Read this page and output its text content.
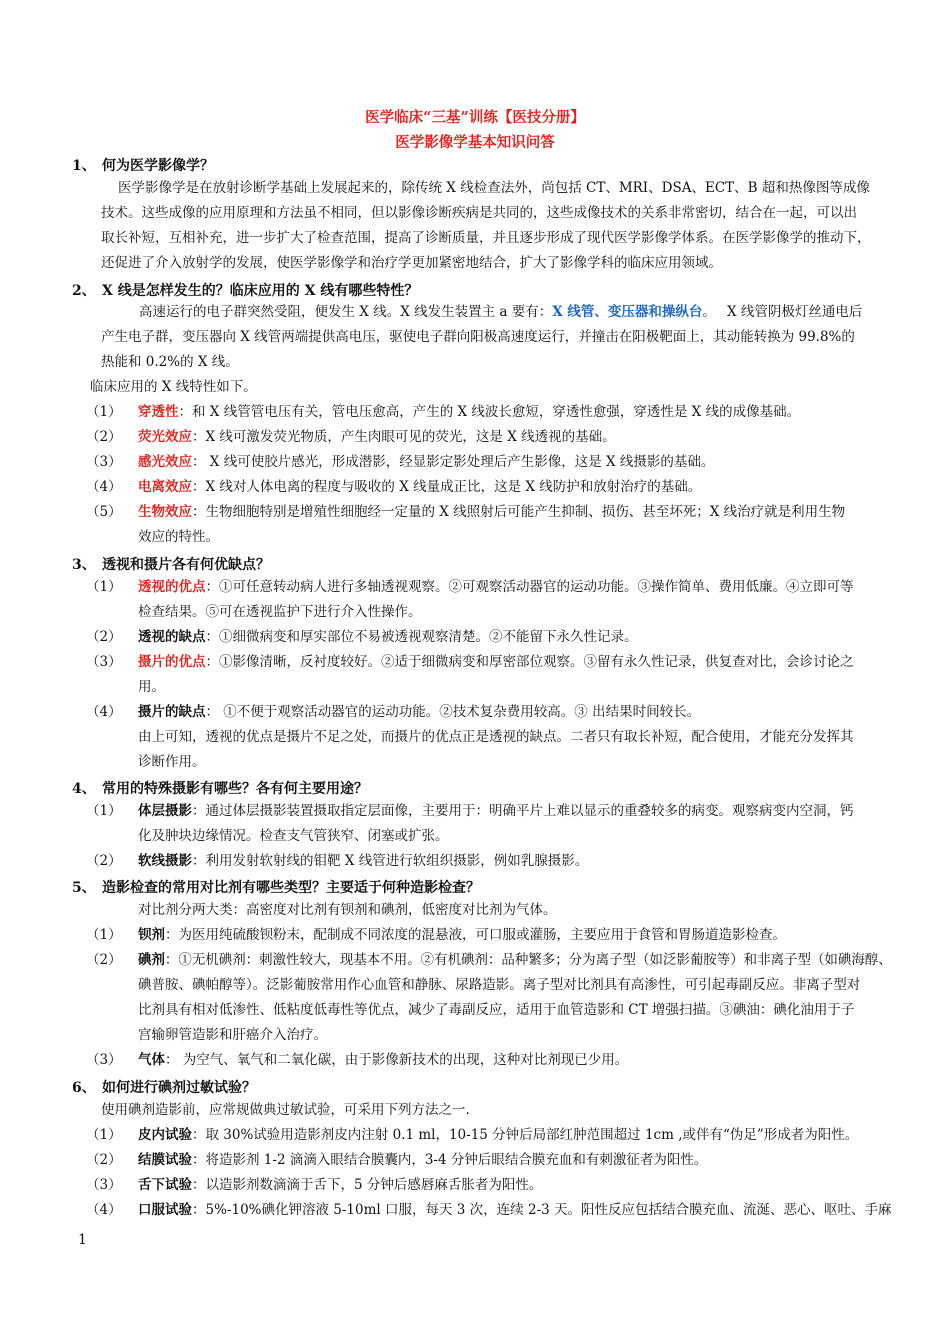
医学临床“三基”训练【医技分册】
医学影像学基本知识问答
1、 何为医学影像学？
医学影像学是在放射诊断学基础上发展起来的，除传统 X 线检查法外，尚包括 CT、MRI、DSA、ECT、B 超和热像图等成像
技术。这些成像的应用原理和方法虽不相同，但以影像诊断疾病是共同的，这些成像技术的关系非常密切，结合在一起，可以出
取长补短，互相补充，进一步扩大了检查范围，提高了诊断质量，并且逐步形成了现代医学影像学体系。在医学影像学的推动下，
还促进了介入放射学的发展，使医学影像学和治疗学更加紧密地结合，扩大了影像学科的临床应用领域。
2、 X 线是怎样发生的？临床应用的 X 线有哪些特性？
高速运行的电子群突然受阻，便发生 X 线。X 线发生装置主 a 要有：X 线管、变压器和操纵台。　 X 线管阴极灯丝通电后
产生电子群，变压器向 X 线管两端提供高电压，驱使电子群向阳极高速度运行，并撞击在阳极靶面上，其动能转换为 99.8%的
热能和 0.2%的 X 线。
临床应用的 X 线特性如下。
（1） 穿透性：和 X 线管管电压有关，管电压愈高，产生的 X 线波长愈短，穿透性愈强，穿透性是 X 线的成像基础。
（2） 荧光效应：X 线可激发荧光物质，产生肉眼可见的荧光，这是 X 线透视的基础。
（3） 感光效应： X 线可使胶片感光，形成潜影，经显影定影处理后产生影像，这是 X 线摄影的基础。
（4） 电离效应：X 线对人体电离的程度与吸收的 X 线量成正比，这是 X 线防护和放射治疗的基础。
（5） 生物效应：生物细胞特别是增殖性细胞经一定量的 X 线照射后可能产生抑制、损伤、甚至坏死；X 线治疗就是利用生物
效应的特性。
3、 透视和摄片各有何优缺点？
（1） 透视的优点：①可任意转动病人进行多轴透视观察。②可观察活动器官的运动功能。③操作简单、费用低廉。④立即可等
检查结果。⑤可在透视监护下进行介入性操作。
（2） 透视的缺点：①细微病变和厚实部位不易被透视观察清楚。②不能留下永久性记录。
（3） 摄片的优点：①影像清晰，反衬度较好。②适于细微病变和厚密部位观察。③留有永久性记录，供复查对比，会诊讨论之
用。
（4） 摄片的缺点： ①不便于观察活动器官的运动功能。②技术复杂费用较高。③ 出结果时间较长。
由上可知，透视的优点是摄片不足之处，而摄片的优点正是透视的缺点。二者只有取长补短，配合使用，才能充分发挥其
诊断作用。
4、 常用的特殊摄影有哪些？各有何主要用途？
（1） 体层摄影：通过体层摄影装置摄取指定层面像，主要用于：明确平片上难以显示的重叠较多的病变。观察病变内空洞，钙
化及肿块边缘情况。检查支气管狭窄、闭塞或扩张。
（2） 软线摄影：利用发射软射线的钼靶 X 线管进行软组织摄影，例如乳腺摄影。
5、 造影检查的常用对比剂有哪些类型？主要适于何种造影检查？
对比剂分两大类：高密度对比剂有钡剂和碘剂，低密度对比剂为气体。
（1） 钡剂：为医用纯硫酸钡粉末，配制成不同浓度的混悬液，可口服或灌肠，主要应用于食管和胃肠道造影检查。
（2） 碘剂：①无机碘剂：刺激性较大，现基本不用。②有机碘剂：品种繁多；分为离子型（如泛影葡胺等）和非离子型（如碘海醇、
碘普胺、碘帕醇等）。泛影葡胺常用作心血管和静脉、尿路造影。离子型对比剂具有高渗性，可引起毒副反应。非离子型对
比剂具有相对低渗性、低粘度低毒性等优点，减少了毒副反应，适用于血管造影和 CT 增强扫描。③碘油：碘化油用于子
宫输卵管造影和肝癌介入治疗。
（3） 气体： 为空气、氧气和二氧化碳，由于影像新技术的出现，这种对比剂现已少用。
6、 如何进行碘剂过敏试验？
使用碘剂造影前，应常规做典过敏试验，可采用下列方法之一.
（1） 皮内试验：取 30%试验用造影剂皮内注射 0.1 ml，10-15 分钟后局部红肿范围超过 1cm ,或伴有“伪足”形成者为阳性。
（2） 结膜试验：将造影剂 1-2 滴滴入眼结合膜囊内，3-4 分钟后眼结合膜充血和有刺激征者为阳性。
（3） 舌下试验：以造影剂数滴滴于舌下，5 分钟后感唇麻舌胀者为阳性。
（4） 口服试验：5%-10%碘化钾溶液 5-10ml 口服，每天 3 次，连续 2-3 天。阳性反应包括结合膜充血、流涎、恶心、呕吐、手麻
1
